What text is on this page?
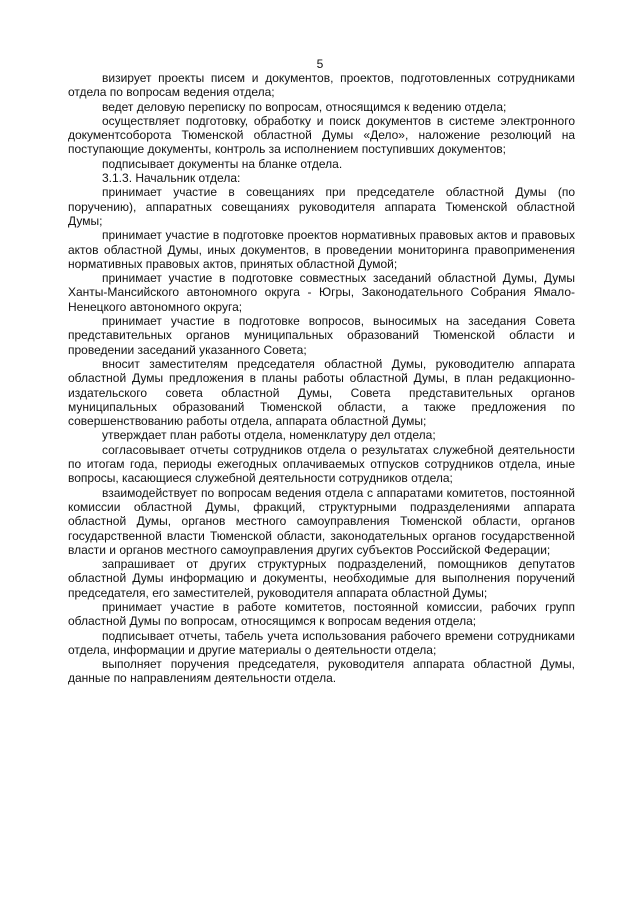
5

визирует проекты писем и документов, проектов, подготовленных сотрудниками отдела по вопросам ведения отдела;

ведет деловую переписку по вопросам, относящимся к ведению отдела;

осуществляет подготовку, обработку и поиск документов в системе электронного документсоборота Тюменской областной Думы «Дело», наложение резолюций на поступающие документы, контроль за исполнением поступивших документов;

подписывает документы на бланке отдела.

3.1.3. Начальник отдела:

принимает участие в совещаниях при председателе областной Думы (по поручению), аппаратных совещаниях руководителя аппарата Тюменской областной Думы;

принимает участие в подготовке проектов нормативных правовых актов и правовых актов областной Думы, иных документов, в проведении мониторинга правоприменения нормативных правовых актов, принятых областной Думой;

принимает участие в подготовке совместных заседаний областной Думы, Думы Ханты-Мансийского автономного округа - Югры, Законодательного Собрания Ямало-Ненецкого автономного округа;

принимает участие в подготовке вопросов, выносимых на заседания Совета представительных органов муниципальных образований Тюменской области и проведении заседаний указанного Совета;

вносит заместителям председателя областной Думы, руководителю аппарата областной Думы предложения в планы работы областной Думы, в план редакционно-издательского совета областной Думы, Совета представительных органов муниципальных образований Тюменской области, а также предложения по совершенствованию работы отдела, аппарата областной Думы;

утверждает план работы отдела, номенклатуру дел отдела;

согласовывает отчеты сотрудников отдела о результатах служебной деятельности по итогам года, периоды ежегодных оплачиваемых отпусков сотрудников отдела, иные вопросы, касающиеся служебной деятельности сотрудников отдела;

взаимодействует по вопросам ведения отдела с аппаратами комитетов, постоянной комиссии областной Думы, фракций, структурными подразделениями аппарата областной Думы, органов местного самоуправления Тюменской области, органов государственной власти Тюменской области, законодательных органов государственной власти и органов местного самоуправления других субъектов Российской Федерации;

запрашивает от других структурных подразделений, помощников депутатов областной Думы информацию и документы, необходимые для выполнения поручений председателя, его заместителей, руководителя аппарата областной Думы;

принимает участие в работе комитетов, постоянной комиссии, рабочих групп областной Думы по вопросам, относящимся к вопросам ведения отдела;

подписывает отчеты, табель учета использования рабочего времени сотрудниками отдела, информации и другие материалы о деятельности отдела;

выполняет поручения председателя, руководителя аппарата областной Думы, данные по направлениям деятельности отдела.
